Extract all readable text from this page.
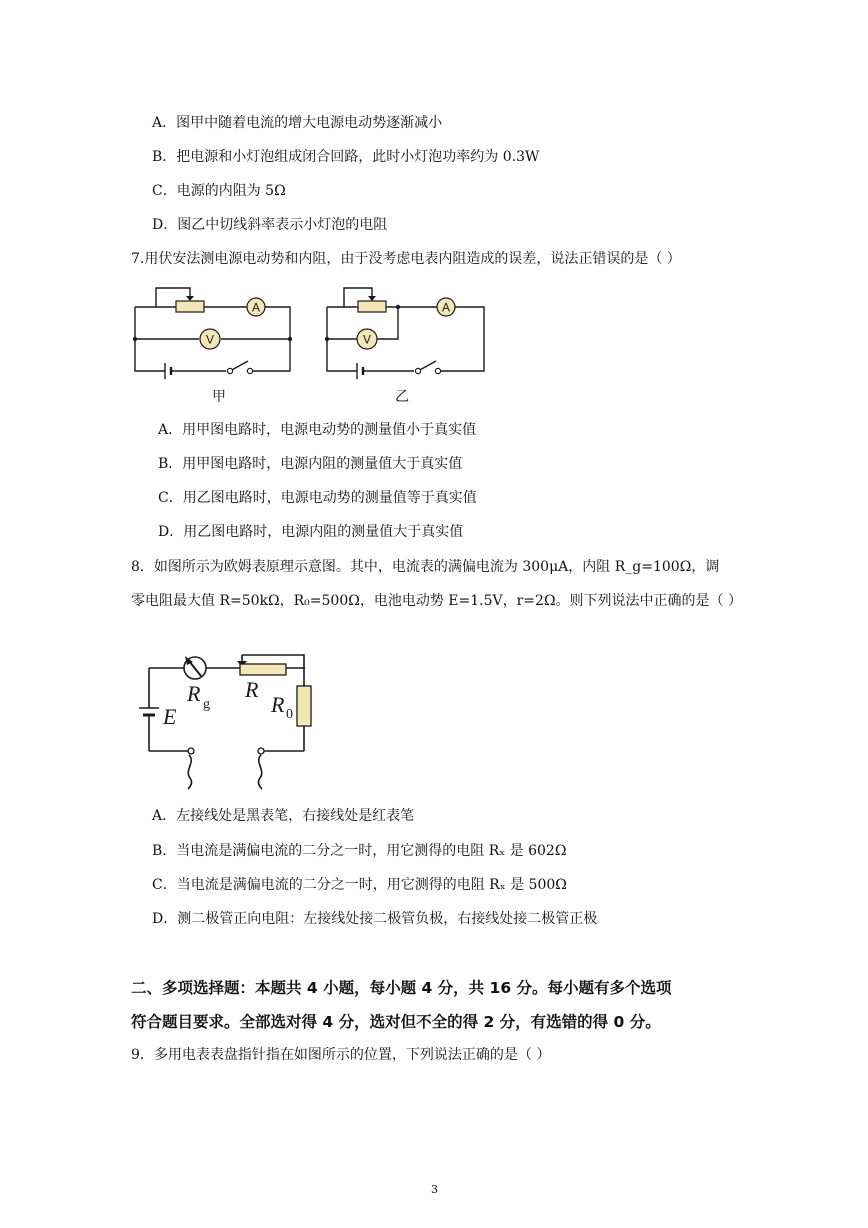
A．图甲中随着电流的增大电源电动势逐渐减小
B．把电源和小灯泡组成闭合回路，此时小灯泡功率约为 0.3W
C．电源的内阻为 5Ω
D．图乙中切线斜率表示小灯泡的电阻
7.用伏安法测电源电动势和内阻，由于没考虑电表内阻造成的误差，说法正错误的是（ ）
A
V
甲
A
V
乙
A．用甲图电路时，电源电动势的测量值小于真实值
B．用甲图电路时，电源内阻的测量值大于真实值
C．用乙图电路时，电源电动势的测量值等于真实值
D．用乙图电路时，电源内阻的测量值大于真实值
8．如图所示为欧姆表原理示意图。其中，电流表的满偏电流为 300μA，内阻 R_g=100Ω，调
零电阻最大值 R=50kΩ，R₀=500Ω，电池电动势 E=1.5V，r=2Ω。则下列说法中正确的是（ ）
R g
R
R 0
E
A．左接线处是黑表笔，右接线处是红表笔
B．当电流是满偏电流的二分之一时，用它测得的电阻 Rₓ 是 602Ω
C．当电流是满偏电流的二分之一时，用它测得的电阻 Rₓ 是 500Ω
D．测二极管正向电阻：左接线处接二极管负极，右接线处接二极管正极
二、多项选择题：本题共 4 小题，每小题 4 分，共 16 分。每小题有多个选项
符合题目要求。全部选对得 4 分，选对但不全的得 2 分，有选错的得 0 分。
9．多用电表表盘指针指在如图所示的位置，下列说法正确的是（ ）
3
